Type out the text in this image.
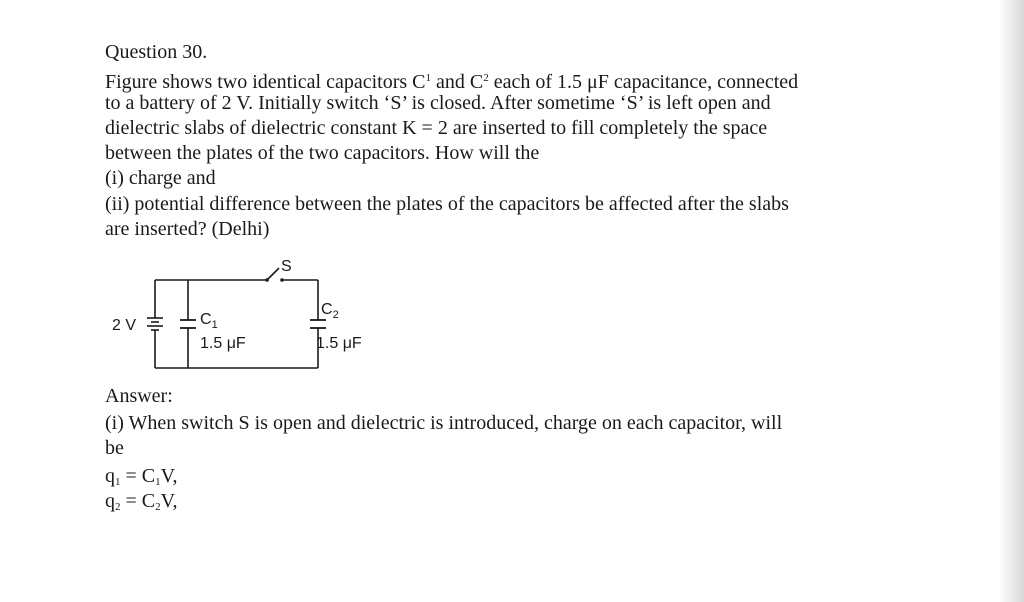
Question 30.
Figure shows two identical capacitors $C^1$ and $C^2$ each of 1.5 μF capacitance, connected
to a battery of 2 V. Initially switch ‘S’ is closed. After sometime ‘S’ is left open and
dielectric slabs of dielectric constant K = 2 are inserted to fill completely the space
between the plates of the two capacitors. How will the
(i) charge and
(ii) potential difference between the plates of the capacitors be affected after the slabs
are inserted? (Delhi)
2 V
S
$C_1$
1.5 μF
$C_2$
1.5 μF
Answer:
(i) When switch S is open and dielectric is introduced, charge on each capacitor, will
be
$q_1 = C_1V$,
$q_2 = C_2V$,
